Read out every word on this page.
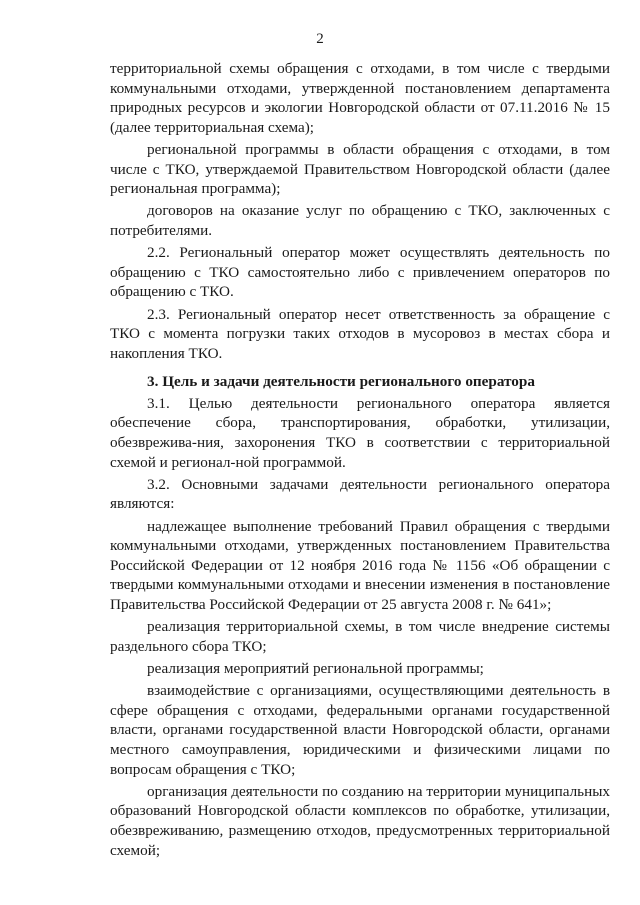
2

территориальной схемы обращения с отходами, в том числе с твердыми коммунальными отходами, утвержденной постановлением департамента природных ресурсов и экологии Новгородской области от 07.11.2016 № 15 (далее территориальная схема);

региональной программы в области обращения с отходами, в том числе с ТКО, утверждаемой Правительством Новгородской области (далее региональная программа);

договоров на оказание услуг по обращению с ТКО, заключенных с потребителями.

2.2. Региональный оператор может осуществлять деятельность по обращению с ТКО самостоятельно либо с привлечением операторов по обращению с ТКО.

2.3. Региональный оператор несет ответственность за обращение с ТКО с момента погрузки таких отходов в мусоровоз в местах сбора и накопления ТКО.

3. Цель и задачи деятельности регионального оператора

3.1. Целью деятельности регионального оператора является обеспечение сбора, транспортирования, обработки, утилизации, обезврежива-ния, захоронения ТКО в соответствии с территориальной схемой и регионал-ной программой.

3.2. Основными задачами деятельности регионального оператора являются:

надлежащее выполнение требований Правил обращения с твердыми коммунальными отходами, утвержденных постановлением Правительства Российской Федерации от 12 ноября 2016 года № 1156 «Об обращении с твердыми коммунальными отходами и внесении изменения в постановление Правительства Российской Федерации от 25 августа 2008 г. № 641»;

реализация территориальной схемы, в том числе внедрение системы раздельного сбора ТКО;

реализация мероприятий региональной программы;

взаимодействие с организациями, осуществляющими деятельность в сфере обращения с отходами, федеральными органами государственной власти, органами государственной власти Новгородской области, органами местного самоуправления, юридическими и физическими лицами по вопросам обращения с ТКО;

организация деятельности по созданию на территории муниципальных образований Новгородской области комплексов по обработке, утилизации, обезвреживанию, размещению отходов, предусмотренных территориальной схемой;
